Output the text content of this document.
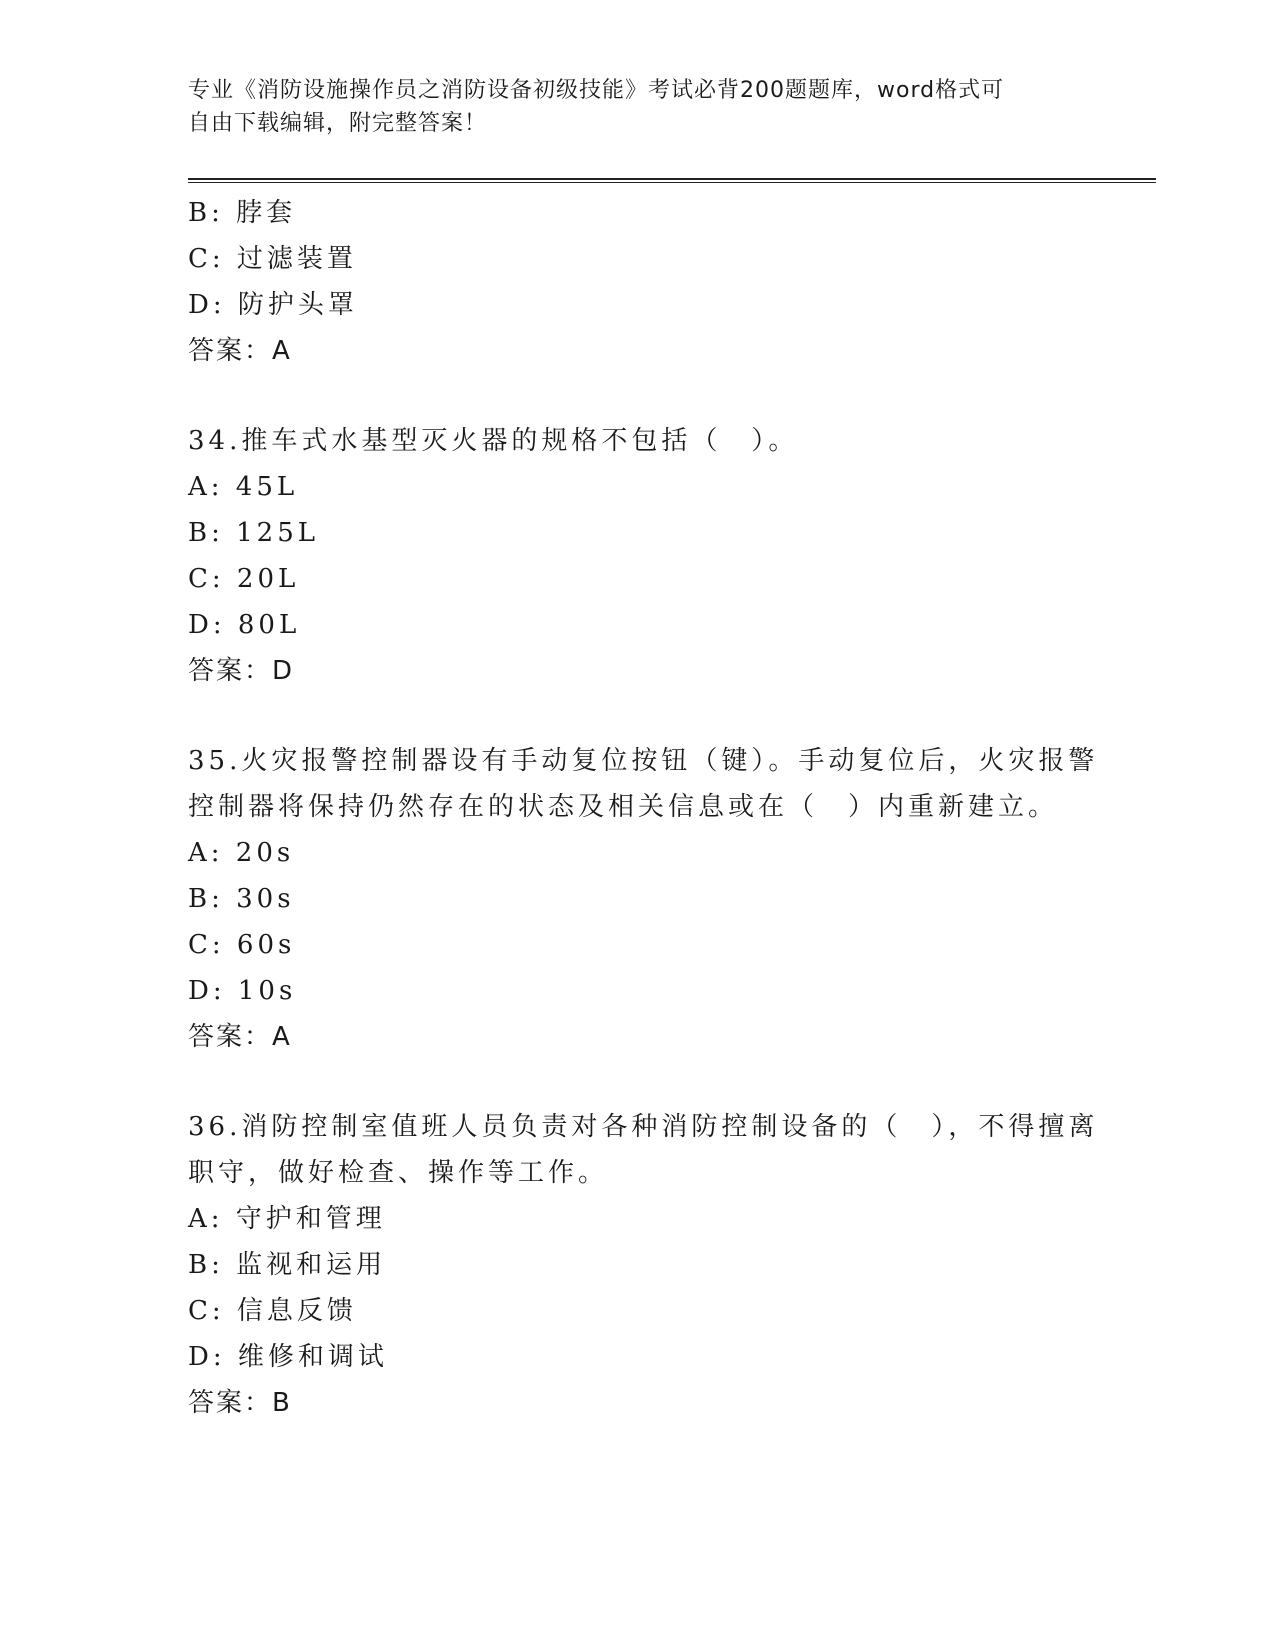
专业《消防设施操作员之消防设备初级技能》考试必背200题题库，word格式可
自由下载编辑，附完整答案！
B: 脖套
C: 过滤装置
D: 防护头罩
答案：A
34.推车式水基型灭火器的规格不包括（　）。
A: 45L
B: 125L
C: 20L
D: 80L
答案：D
35.火灾报警控制器设有手动复位按钮（键）。手动复位后，火灾报警
控制器将保持仍然存在的状态及相关信息或在（　）内重新建立。
A: 20s
B: 30s
C: 60s
D: 10s
答案：A
36.消防控制室值班人员负责对各种消防控制设备的（　），不得擅离
职守，做好检查、操作等工作。
A: 守护和管理
B: 监视和运用
C: 信息反馈
D: 维修和调试
答案：B
